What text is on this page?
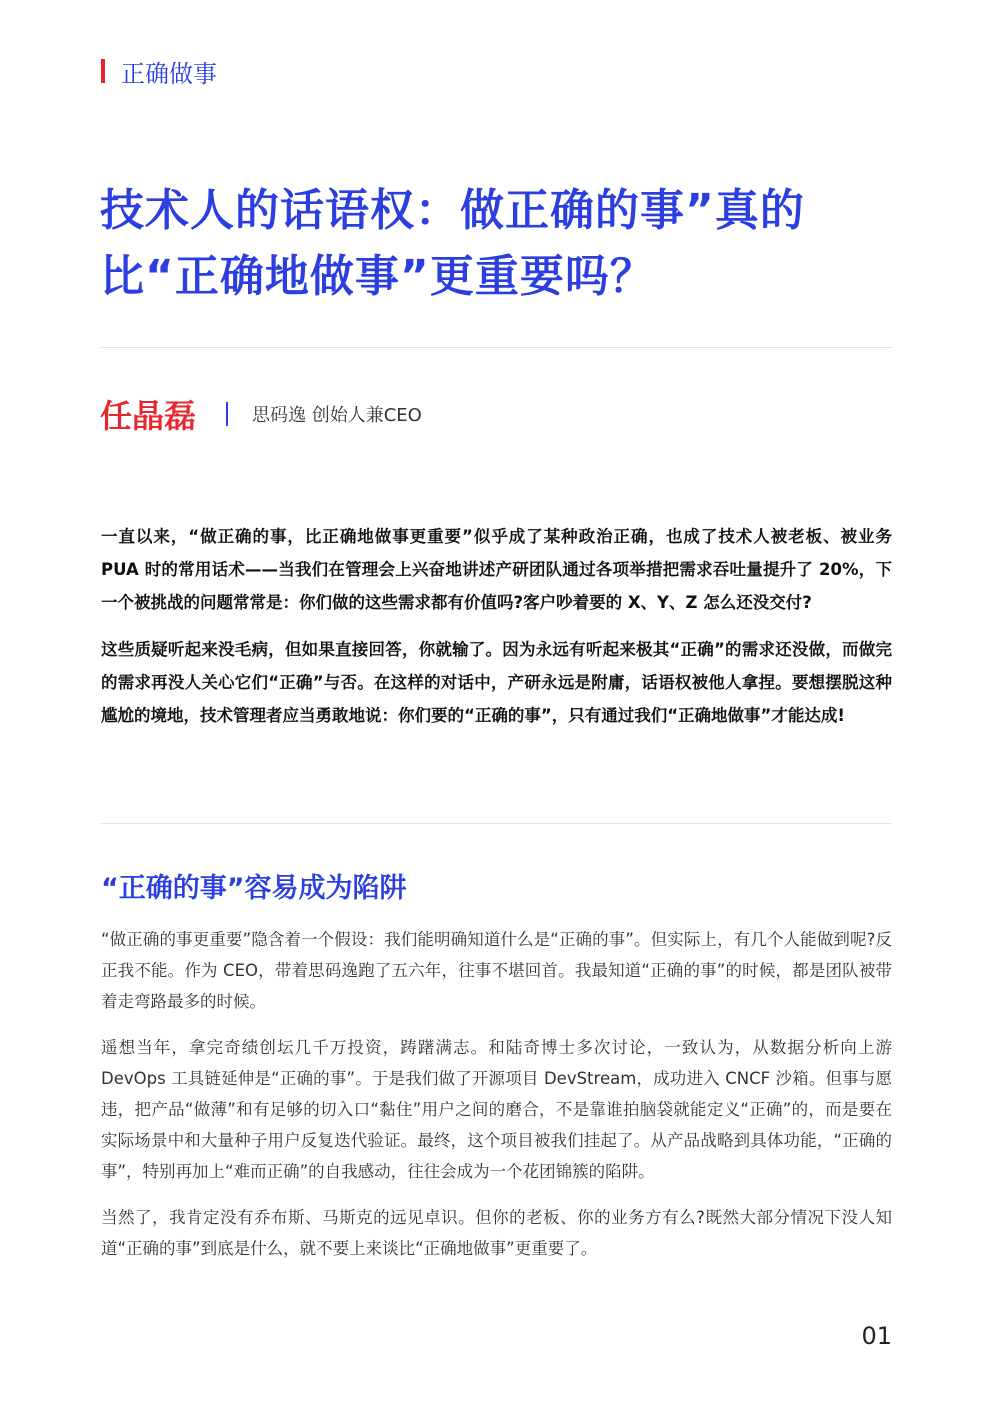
正确做事
技术人的话语权：做正确的事”真的比“正确地做事”更重要吗？
任晶磊	思码逸 创始人兼CEO

一直以来，“做正确的事，比正确地做事更重要”似乎成了某种政治正确，也成了技术人被老板、被业务 PUA 时的常用话术——当我们在管理会上兴奋地讲述产研团队通过各项举措把需求吞吐量提升了 20%，下一个被挑战的问题常常是：你们做的这些需求都有价值吗?客户吵着要的 X、Y、Z 怎么还没交付?

这些质疑听起来没毛病，但如果直接回答，你就输了。因为永远有听起来极其“正确”的需求还没做，而做完的需求再没人关心它们“正确”与否。在这样的对话中，产研永远是附庸，话语权被他人拿捏。要想摆脱这种尴尬的境地，技术管理者应当勇敢地说：你们要的“正确的事”，只有通过我们“正确地做事”才能达成!

“正确的事”容易成为陷阱

“做正确的事更重要”隐含着一个假设：我们能明确知道什么是“正确的事”。但实际上，有几个人能做到呢?反正我不能。作为 CEO，带着思码逸跑了五六年，往事不堪回首。我最知道“正确的事”的时候，都是团队被带着走弯路最多的时候。

遥想当年，拿完奇绩创坛几千万投资，踌躇满志。和陆奇博士多次讨论，一致认为，从数据分析向上游 DevOps 工具链延伸是“正确的事”。于是我们做了开源项目 DevStream，成功进入 CNCF 沙箱。但事与愿违，把产品“做薄”和有足够的切入口“黏住”用户之间的磨合，不是靠谁拍脑袋就能定义“正确”的，而是要在实际场景中和大量种子用户反复迭代验证。最终，这个项目被我们挂起了。从产品战略到具体功能，“正确的事”，特别再加上“难而正确”的自我感动，往往会成为一个花团锦簇的陷阱。

当然了，我肯定没有乔布斯、马斯克的远见卓识。但你的老板、你的业务方有么?既然大部分情况下没人知道“正确的事”到底是什么，就不要上来谈比“正确地做事”更重要了。

01
